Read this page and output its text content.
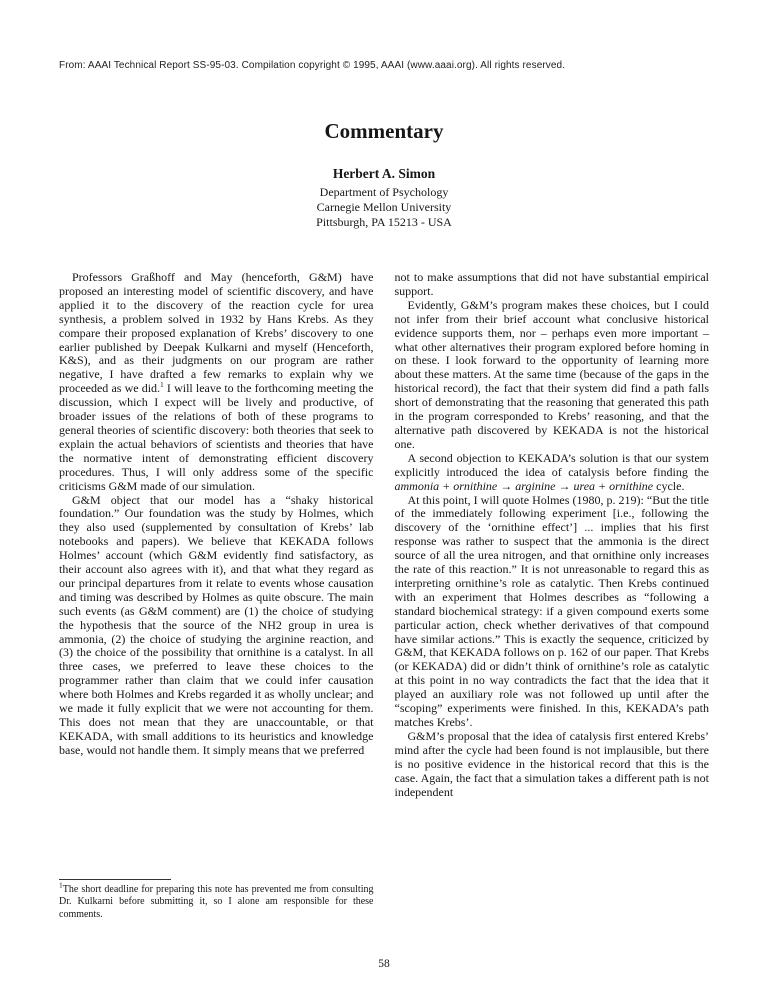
From: AAAI Technical Report SS-95-03. Compilation copyright © 1995, AAAI (www.aaai.org). All rights reserved.
Commentary
Herbert A. Simon
Department of Psychology
Carnegie Mellon University
Pittsburgh, PA 15213 - USA

Professors Graßhoff and May (henceforth, G&M) have proposed an interesting model of scientific discovery, and have applied it to the discovery of the reaction cycle for urea synthesis, a problem solved in 1932 by Hans Krebs. As they compare their proposed explanation of Krebs’ discovery to one earlier published by Deepak Kulkarni and myself (Henceforth, K&S), and as their judgments on our program are rather negative, I have drafted a few remarks to explain why we proceeded as we did.$^1$ I will leave to the forthcoming meeting the discussion, which I expect will be lively and productive, of broader issues of the relations of both of these programs to general theories of scientific discovery: both theories that seek to explain the actual behaviors of scientists and theories that have the normative intent of demonstrating efficient discovery procedures. Thus, I will only address some of the specific criticisms G&M made of our simulation.

G&M object that our model has a “shaky historical foundation.” Our foundation was the study by Holmes, which they also used (supplemented by consultation of Krebs’ lab notebooks and papers). We believe that KEKADA follows Holmes’ account (which G&M evidently find satisfactory, as their account also agrees with it), and that what they regard as our principal departures from it relate to events whose causation and timing was described by Holmes as quite obscure. The main such events (as G&M comment) are (1) the choice of studying the hypothesis that the source of the NH2 group in urea is ammonia, (2) the choice of studying the arginine reaction, and (3) the choice of the possibility that ornithine is a catalyst. In all three cases, we preferred to leave these choices to the programmer rather than claim that we could infer causation where both Holmes and Krebs regarded it as wholly unclear; and we made it fully explicit that we were not accounting for them. This does not mean that they are unaccountable, or that KEKADA, with small additions to its heuristics and knowledge base, would not handle them. It simply means that we preferred

$^1$The short deadline for preparing this note has prevented me from consulting Dr. Kulkarni before submitting it, so I alone am responsible for these comments.

not to make assumptions that did not have substantial empirical support.

Evidently, G&M’s program makes these choices, but I could not infer from their brief account what conclusive historical evidence supports them, nor – perhaps even more important – what other alternatives their program explored before homing in on these. I look forward to the opportunity of learning more about these matters. At the same time (because of the gaps in the historical record), the fact that their system did find a path falls short of demonstrating that the reasoning that generated this path in the program corresponded to Krebs’ reasoning, and that the alternative path discovered by KEKADA is not the historical one.

A second objection to KEKADA’s solution is that our system explicitly introduced the idea of catalysis before finding the ammonia + ornithine → arginine → urea + ornithine cycle.

At this point, I will quote Holmes (1980, p. 219): “But the title of the immediately following experiment [i.e., following the discovery of the ‘ornithine effect’] ... implies that his first response was rather to suspect that the ammonia is the direct source of all the urea nitrogen, and that ornithine only increases the rate of this reaction.” It is not unreasonable to regard this as interpreting ornithine’s role as catalytic. Then Krebs continued with an experiment that Holmes describes as “following a standard biochemical strategy: if a given compound exerts some particular action, check whether derivatives of that compound have similar actions.” This is exactly the sequence, criticized by G&M, that KEKADA follows on p. 162 of our paper. That Krebs (or KEKADA) did or didn’t think of ornithine’s role as catalytic at this point in no way contradicts the fact that the idea that it played an auxiliary role was not followed up until after the “scoping” experiments were finished. In this, KEKADA’s path matches Krebs’.

G&M’s proposal that the idea of catalysis first entered Krebs’ mind after the cycle had been found is not implausible, but there is no positive evidence in the historical record that this is the case. Again, the fact that a simulation takes a different path is not independent

58
